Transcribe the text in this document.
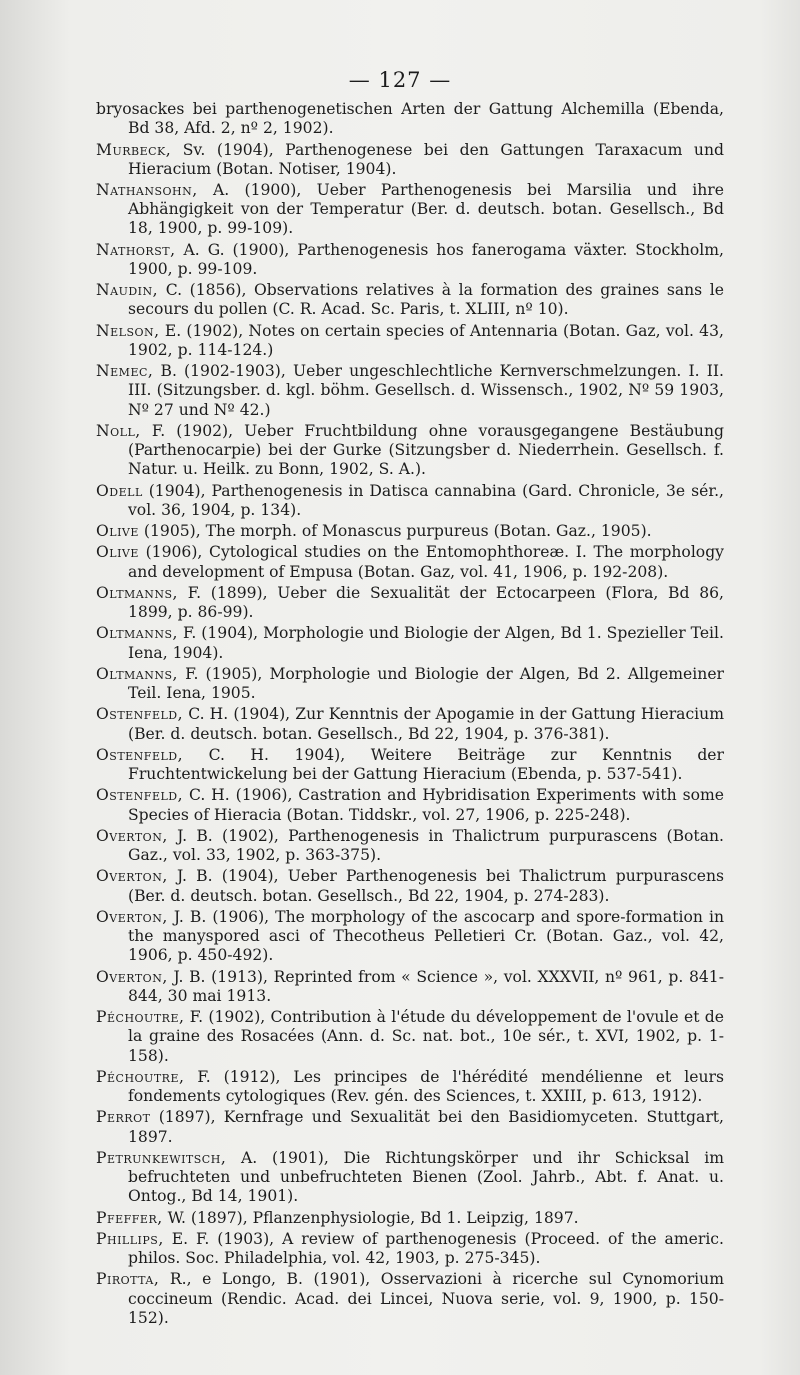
— 127 —
bryosackes bei parthenogenetischen Arten der Gattung Alchemilla (Ebenda, Bd 38, Afd. 2, nº 2, 1902).
Murbeck, Sv. (1904), Parthenogenese bei den Gattungen Taraxacum und Hieracium (Botan. Notiser, 1904).
Nathansohn, A. (1900), Ueber Parthenogenesis bei Marsilia und ihre Abhängigkeit von der Temperatur (Ber. d. deutsch. botan. Gesellsch., Bd 18, 1900, p. 99-109).
Nathorst, A. G. (1900), Parthenogenesis hos fanerogama växter. Stockholm, 1900, p. 99-109.
Naudin, C. (1856), Observations relatives à la formation des graines sans le secours du pollen (C. R. Acad. Sc. Paris, t. XLIII, nº 10).
Nelson, E. (1902), Notes on certain species of Antennaria (Botan. Gaz, vol. 43, 1902, p. 114-124.)
Nemec, B. (1902-1903), Ueber ungeschlechtliche Kernverschmelzungen. I. II. III. (Sitzungsber. d. kgl. böhm. Gesellsch. d. Wissensch., 1902, Nº 59 1903, Nº 27 und Nº 42.)
Noll, F. (1902), Ueber Fruchtbildung ohne vorausgegangene Bestäubung (Parthenocarpie) bei der Gurke (Sitzungsber d. Niederrhein. Gesellsch. f. Natur. u. Heilk. zu Bonn, 1902, S. A.).
Odell (1904), Parthenogenesis in Datisca cannabina (Gard. Chronicle, 3e sér., vol. 36, 1904, p. 134).
Olive (1905), The morph. of Monascus purpureus (Botan. Gaz., 1905).
Olive (1906), Cytological studies on the Entomophthoreæ. I. The morphology and development of Empusa (Botan. Gaz, vol. 41, 1906, p. 192-208).
Oltmanns, F. (1899), Ueber die Sexualität der Ectocarpeen (Flora, Bd 86, 1899, p. 86-99).
Oltmanns, F. (1904), Morphologie und Biologie der Algen, Bd 1. Spezieller Teil. Iena, 1904).
Oltmanns, F. (1905), Morphologie und Biologie der Algen, Bd 2. Allgemeiner Teil. Iena, 1905.
Ostenfeld, C. H. (1904), Zur Kenntnis der Apogamie in der Gattung Hieracium (Ber. d. deutsch. botan. Gesellsch., Bd 22, 1904, p. 376-381).
Ostenfeld, C. H. 1904), Weitere Beiträge zur Kenntnis der Fruchtentwickelung bei der Gattung Hieracium (Ebenda, p. 537-541).
Ostenfeld, C. H. (1906), Castration and Hybridisation Experiments with some Species of Hieracia (Botan. Tiddskr., vol. 27, 1906, p. 225-248).
Overton, J. B. (1902), Parthenogenesis in Thalictrum purpurascens (Botan. Gaz., vol. 33, 1902, p. 363-375).
Overton, J. B. (1904), Ueber Parthenogenesis bei Thalictrum purpurascens (Ber. d. deutsch. botan. Gesellsch., Bd 22, 1904, p. 274-283).
Overton, J. B. (1906), The morphology of the ascocarp and spore-formation in the manyspored asci of Thecotheus Pelletieri Cr. (Botan. Gaz., vol. 42, 1906, p. 450-492).
Overton, J. B. (1913), Reprinted from « Science », vol. XXXVII, nº 961, p. 841-844, 30 mai 1913.
Péchoutre, F. (1902), Contribution à l'étude du développement de l'ovule et de la graine des Rosacées (Ann. d. Sc. nat. bot., 10e sér., t. XVI, 1902, p. 1-158).
Péchoutre, F. (1912), Les principes de l'hérédité mendélienne et leurs fondements cytologiques (Rev. gén. des Sciences, t. XXIII, p. 613, 1912).
Perrot (1897), Kernfrage und Sexualität bei den Basidiomyceten. Stuttgart, 1897.
Petrunkewitsch, A. (1901), Die Richtungskörper und ihr Schicksal im befruchteten und unbefruchteten Bienen (Zool. Jahrb., Abt. f. Anat. u. Ontog., Bd 14, 1901).
Pfeffer, W. (1897), Pflanzenphysiologie, Bd 1. Leipzig, 1897.
Phillips, E. F. (1903), A review of parthenogenesis (Proceed. of the americ. philos. Soc. Philadelphia, vol. 42, 1903, p. 275-345).
Pirotta, R., e Longo, B. (1901), Osservazioni à ricerche sul Cynomorium coccineum (Rendic. Acad. dei Lincei, Nuova serie, vol. 9, 1900, p. 150-152).
